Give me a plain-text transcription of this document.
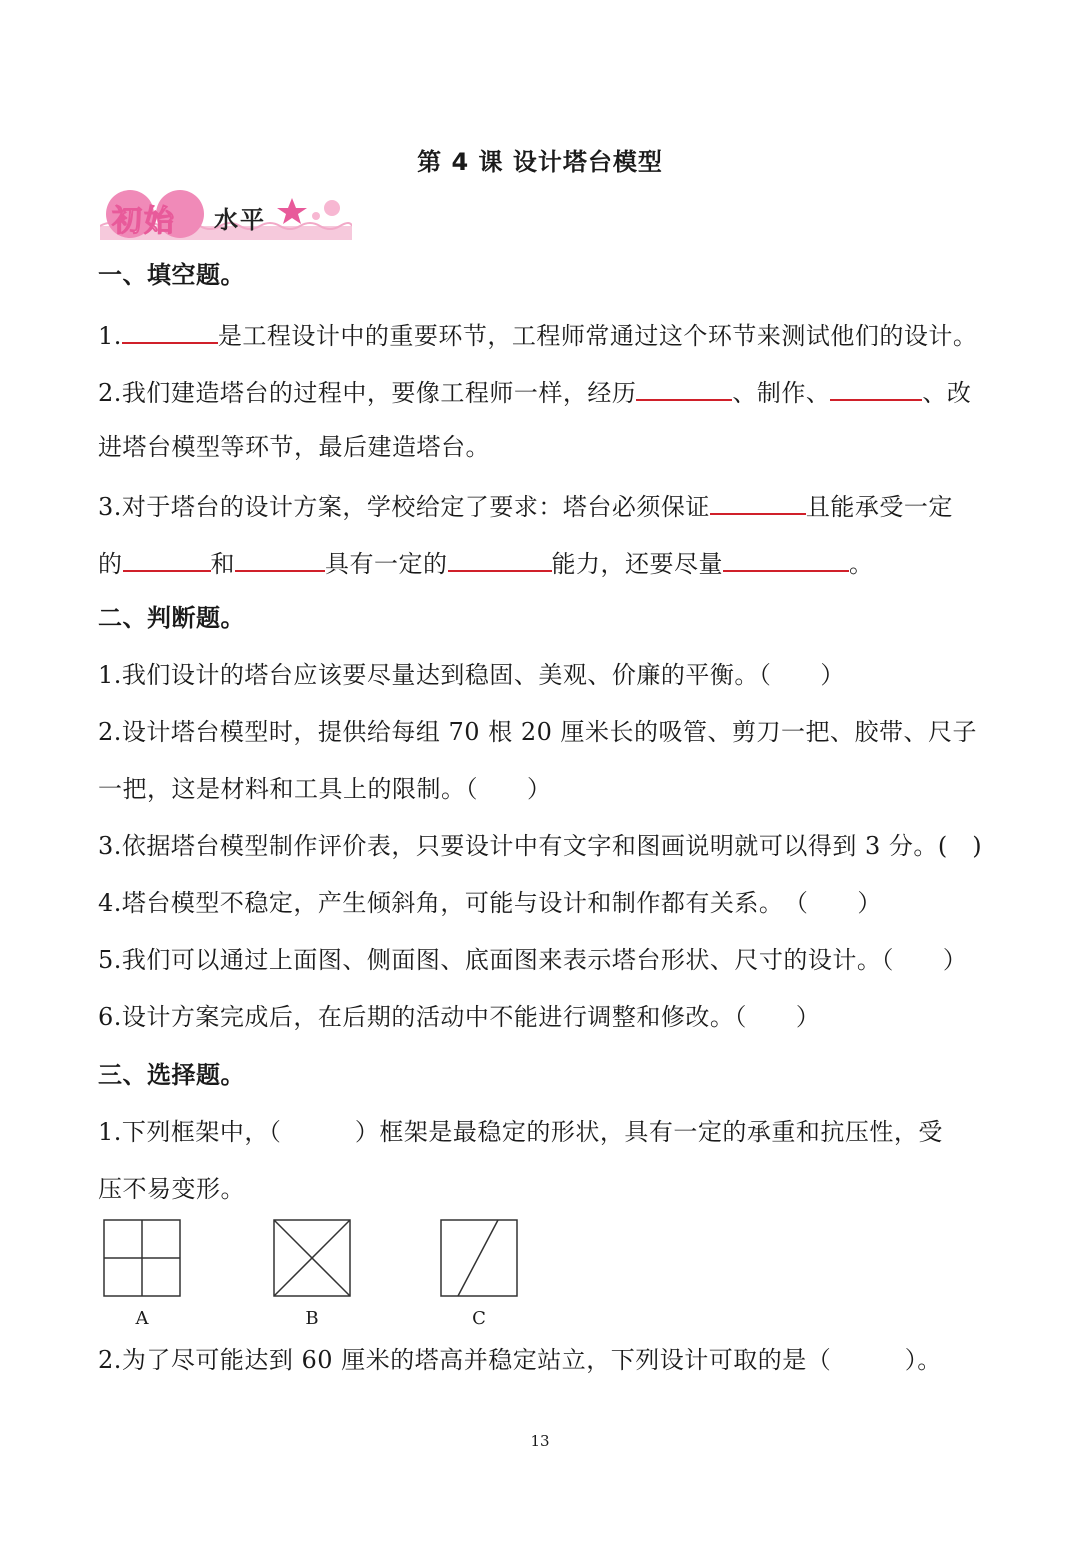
第 4 课 设计塔台模型
初始 水平
一、填空题。
1.	是工程设计中的重要环节，工程师常通过这个环节来测试他们的设计。
2.我们建造塔台的过程中，要像工程师一样，经历	、制作、	、改
进塔台模型等环节，最后建造塔台。
3.对于塔台的设计方案，学校给定了要求：塔台必须保证	且能承受一定
的	和	具有一定的	能力，还要尽量	。
二、判断题。
1.我们设计的塔台应该要尽量达到稳固、美观、价廉的平衡。（　　）
2.设计塔台模型时，提供给每组 70 根 20 厘米长的吸管、剪刀一把、胶带、尺子
一把，这是材料和工具上的限制。（　　）
3.依据塔台模型制作评价表，只要设计中有文字和图画说明就可以得到 3 分。(　)
4.塔台模型不稳定，产生倾斜角，可能与设计和制作都有关系。　（　　）
5.我们可以通过上面图、侧面图、底面图来表示塔台形状、尺寸的设计。（　　）
6.设计方案完成后，在后期的活动中不能进行调整和修改。（　　）
三、选择题。
1.下列框架中，（　　　）框架是最稳定的形状，具有一定的承重和抗压性，受
压不易变形。
A	B	C
2.为了尽可能达到 60 厘米的塔高并稳定站立，下列设计可取的是（　　　）。
13
